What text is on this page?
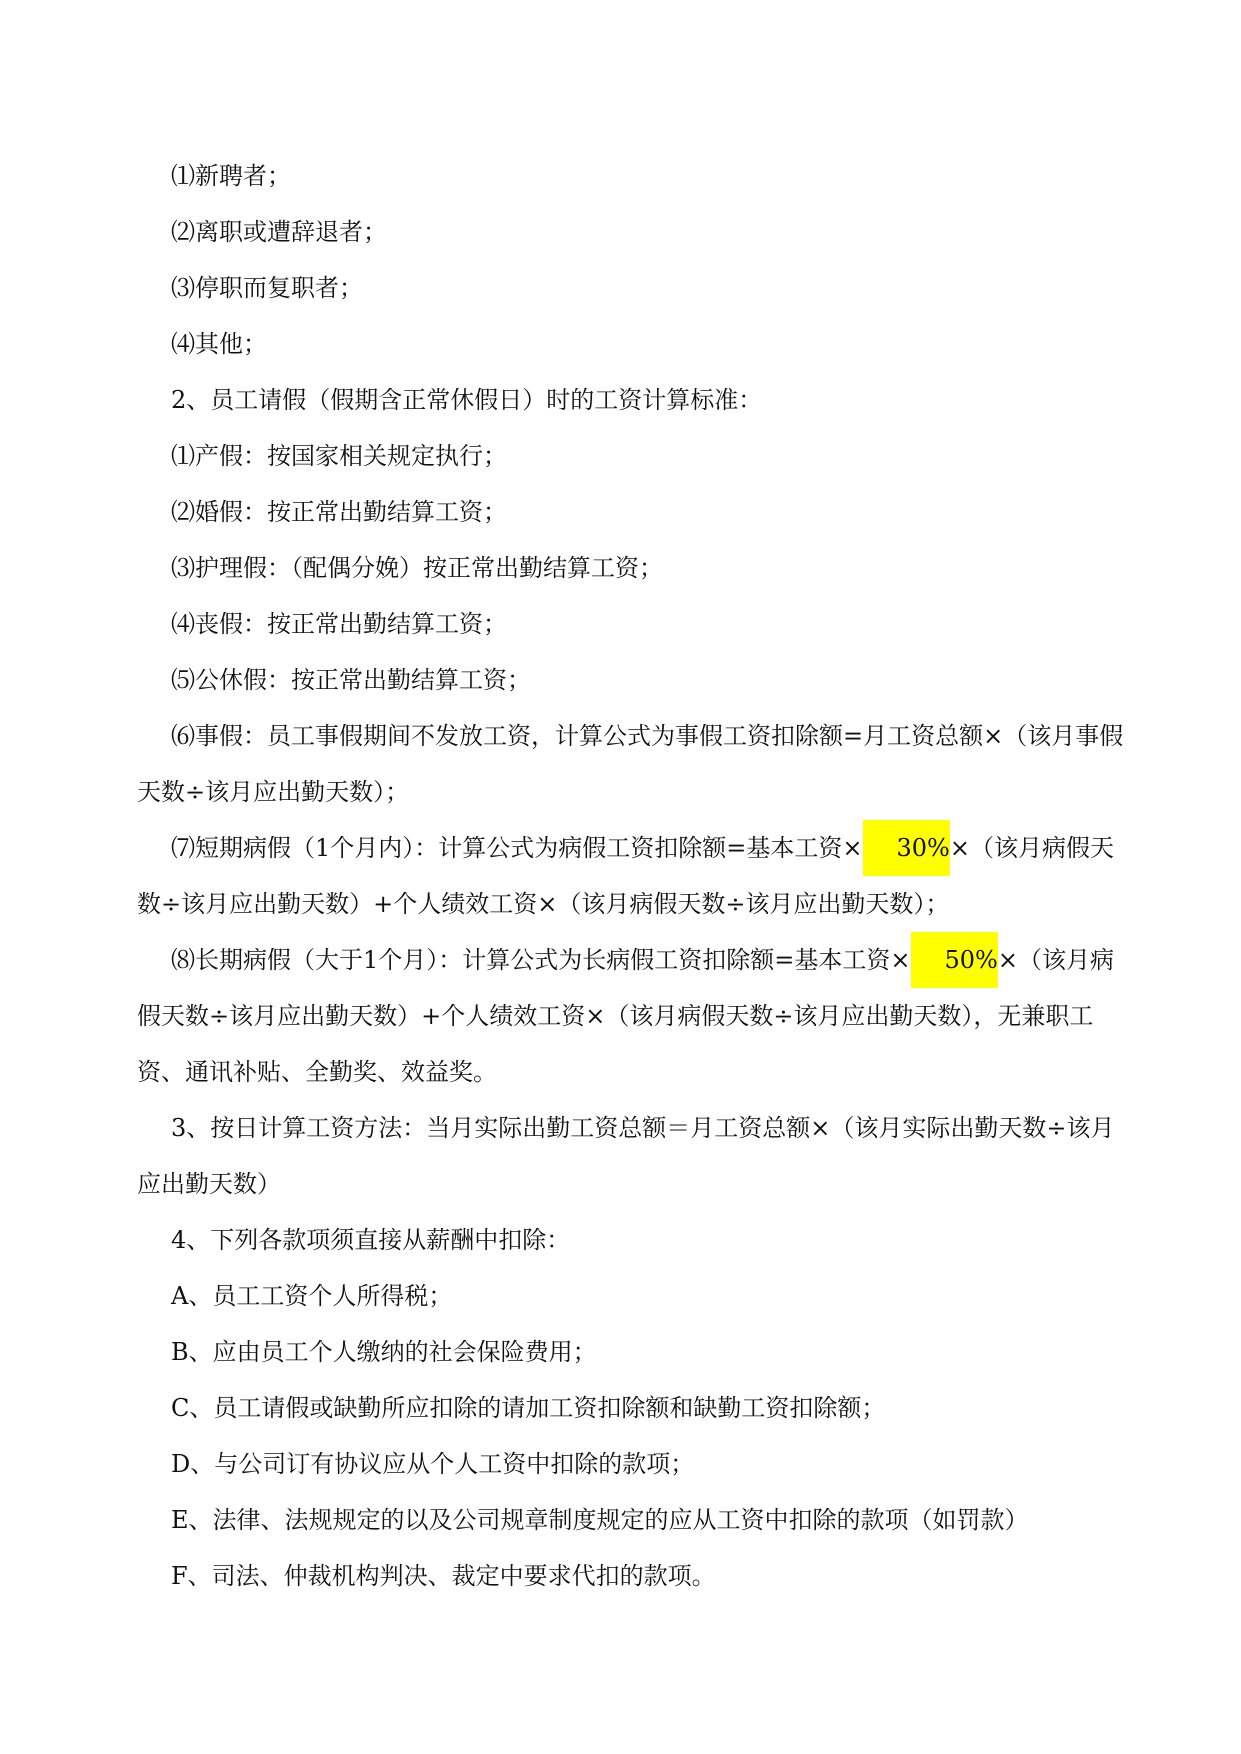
⑴新聘者；

⑵离职或遭辞退者；

⑶停职而复职者；

⑷其他；

2、员工请假（假期含正常休假日）时的工资计算标准：

⑴产假：按国家相关规定执行；

⑵婚假：按正常出勤结算工资；

⑶护理假：（配偶分娩）按正常出勤结算工资；

⑷丧假：按正常出勤结算工资；

⑸公休假：按正常出勤结算工资；

⑹事假：员工事假期间不发放工资，计算公式为事假工资扣除额=月工资总额×（该月事假天数÷该月应出勤天数）；

⑺短期病假（1个月内）：计算公式为病假工资扣除额=基本工资× 30%×（该月病假天数÷该月应出勤天数）+个人绩效工资×（该月病假天数÷该月应出勤天数）；

⑻长期病假（大于1个月）：计算公式为长病假工资扣除额=基本工资× 50%×（该月病假天数÷该月应出勤天数）+个人绩效工资×（该月病假天数÷该月应出勤天数），无兼职工资、通讯补贴、全勤奖、效益奖。

3、按日计算工资方法：当月实际出勤工资总额＝月工资总额×（该月实际出勤天数÷该月应出勤天数）

4、下列各款项须直接从薪酬中扣除：

A、员工工资个人所得税；

B、应由员工个人缴纳的社会保险费用；

C、员工请假或缺勤所应扣除的请加工资扣除额和缺勤工资扣除额；

D、与公司订有协议应从个人工资中扣除的款项；

E、法律、法规规定的以及公司规章制度规定的应从工资中扣除的款项（如罚款）

F、司法、仲裁机构判决、裁定中要求代扣的款项。
